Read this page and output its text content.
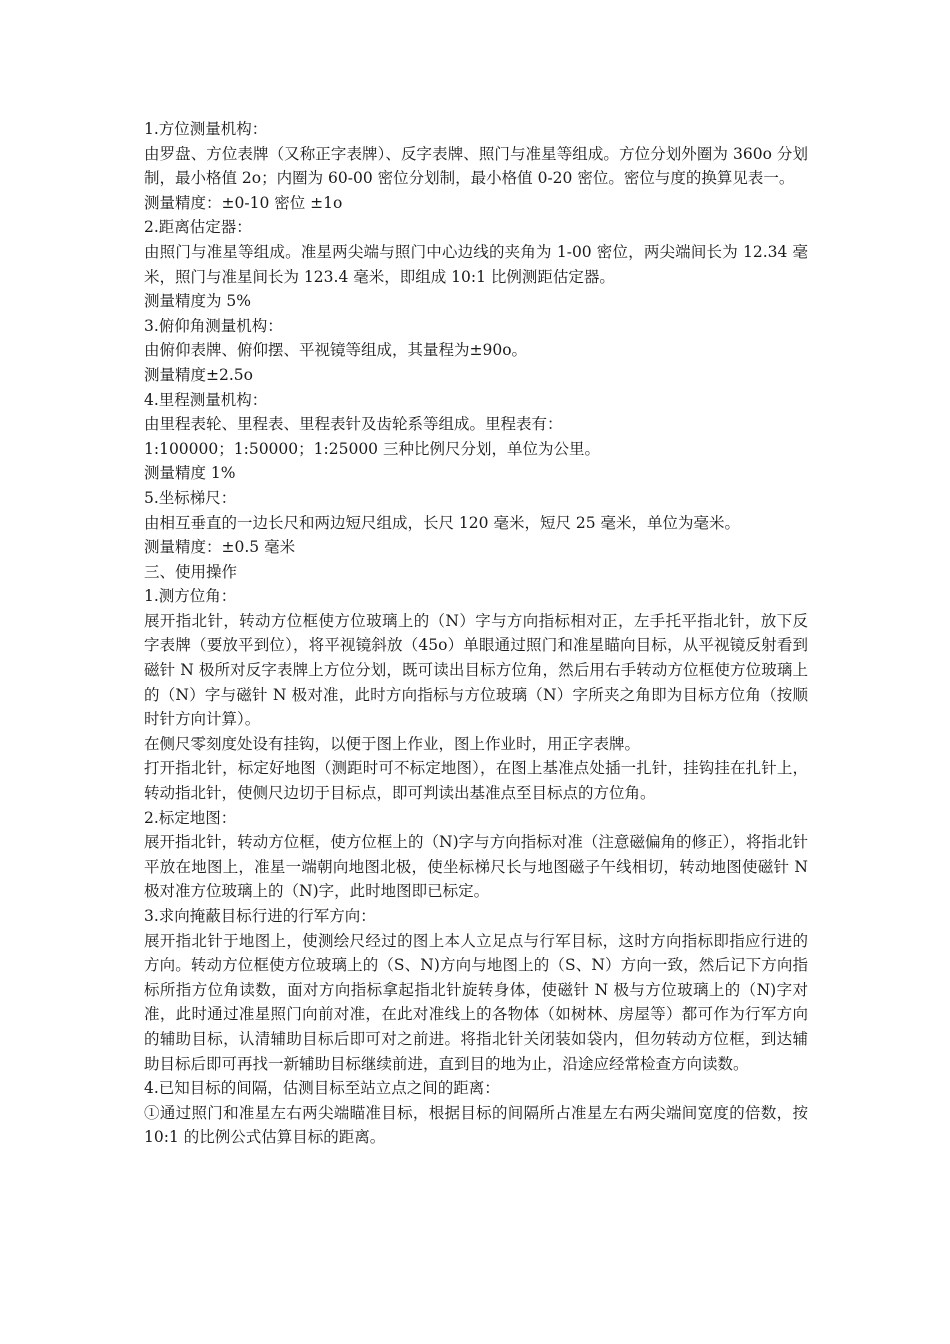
1.方位测量机构：

由罗盘、方位表牌（又称正字表牌）、反字表牌、照门与准星等组成。方位分划外圈为 360o 分划制，最小格值 2o；内圈为 60-00 密位分划制，最小格值 0-20 密位。密位与度的换算见表一。

测量精度：±0-10 密位 ±1o

2.距离估定器：

由照门与准星等组成。准星两尖端与照门中心边线的夹角为 1-00 密位，两尖端间长为 12.34 毫米，照门与准星间长为 123.4 毫米，即组成 10:1 比例测距估定器。

测量精度为 5%

3.俯仰角测量机构：

由俯仰表牌、俯仰摆、平视镜等组成，其量程为±90o。

测量精度±2.5o

4.里程测量机构：

由里程表轮、里程表、里程表针及齿轮系等组成。里程表有：

1:100000；1:50000；1:25000 三种比例尺分划，单位为公里。

测量精度 1%

5.坐标梯尺：

由相互垂直的一边长尺和两边短尺组成，长尺 120 毫米，短尺 25 毫米，单位为毫米。

测量精度：±0.5 毫米

三、使用操作

1.测方位角：

展开指北针，转动方位框使方位玻璃上的（N）字与方向指标相对正，左手托平指北针，放下反字表牌（要放平到位），将平视镜斜放（45o）单眼通过照门和准星瞄向目标，从平视镜反射看到磁针 N 极所对反字表牌上方位分划，既可读出目标方位角，然后用右手转动方位框使方位玻璃上的（N）字与磁针 N 极对准，此时方向指标与方位玻璃（N）字所夹之角即为目标方位角（按顺时针方向计算）。

在侧尺零刻度处设有挂钩，以便于图上作业，图上作业时，用正字表牌。

打开指北针，标定好地图（测距时可不标定地图），在图上基准点处插一扎针，挂钩挂在扎针上，转动指北针，使侧尺边切于目标点，即可判读出基准点至目标点的方位角。

2.标定地图：

展开指北针，转动方位框，使方位框上的（N)字与方向指标对准（注意磁偏角的修正），将指北针平放在地图上，准星一端朝向地图北极，使坐标梯尺长与地图磁子午线相切，转动地图使磁针 N 极对准方位玻璃上的（N)字，此时地图即已标定。

3.求向掩蔽目标行进的行军方向：

展开指北针于地图上，使测绘尺经过的图上本人立足点与行军目标，这时方向指标即指应行进的方向。转动方位框使方位玻璃上的（S、N)方向与地图上的（S、N）方向一致，然后记下方向指标所指方位角读数，面对方向指标拿起指北针旋转身体，使磁针 N 极与方位玻璃上的（N)字对准，此时通过准星照门向前对准，在此对准线上的各物体（如树林、房屋等）都可作为行军方向的辅助目标，认清辅助目标后即可对之前进。将指北针关闭装如袋内，但勿转动方位框，到达辅助目标后即可再找一新辅助目标继续前进，直到目的地为止，沿途应经常检查方向读数。

4.已知目标的间隔，估测目标至站立点之间的距离：

①通过照门和准星左右两尖端瞄准目标，根据目标的间隔所占准星左右两尖端间宽度的倍数，按 10:1 的比例公式估算目标的距离。
